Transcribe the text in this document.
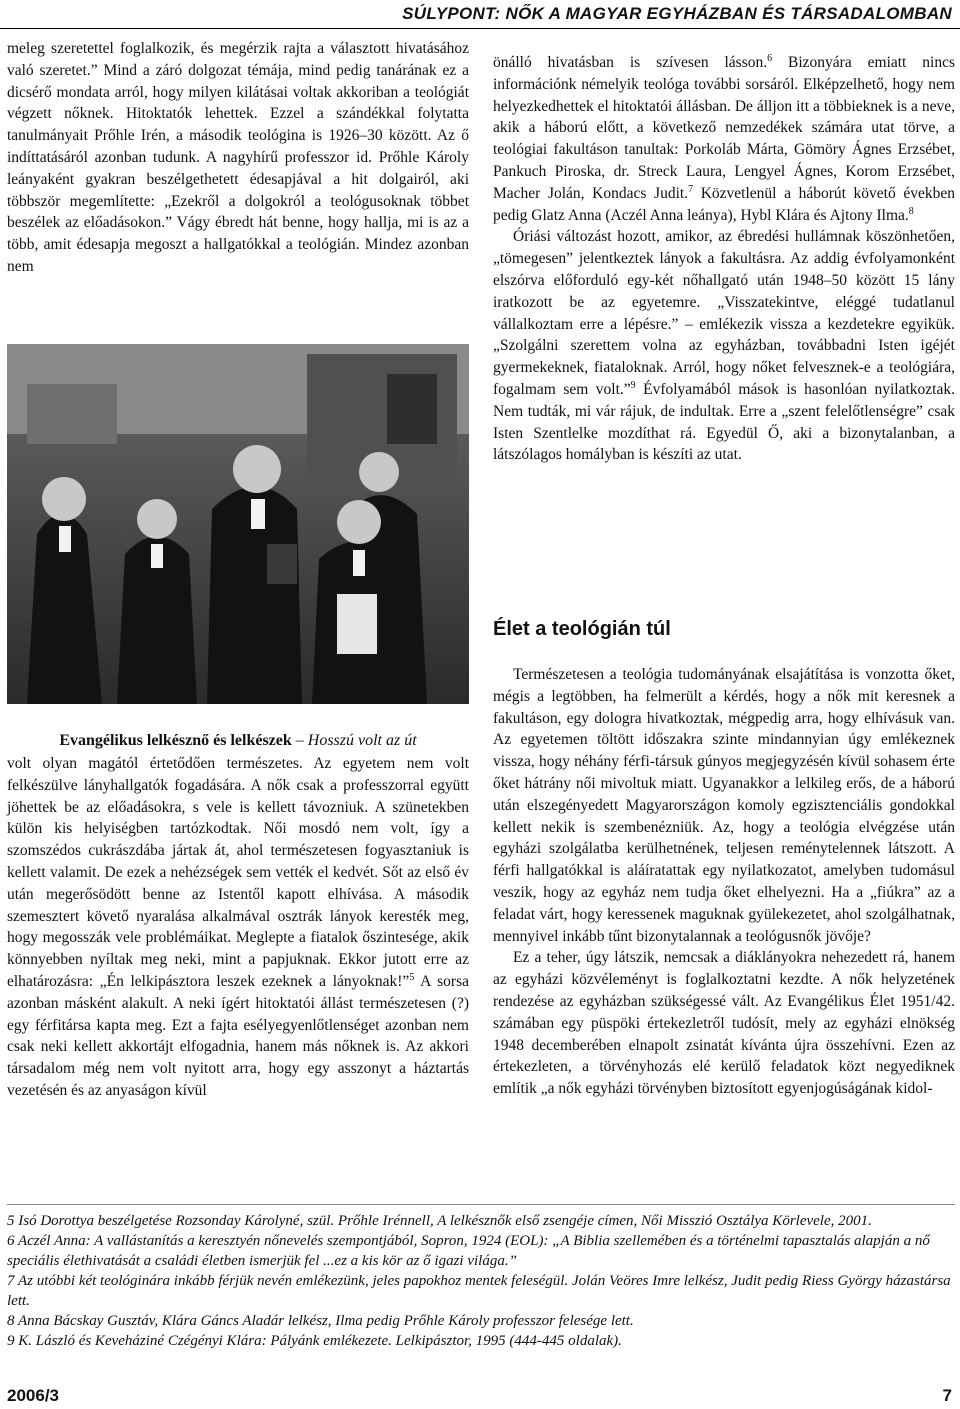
SÚLYPONT: NŐK A MAGYAR EGYHÁZBAN ÉS TÁRSADALOMBAN

meleg szeretettel foglalkozik, és megérzik rajta a választott hivatásához való szeretet.” Mind a záró dolgozat témája, mind pedig tanárának ez a dicsérő mondata arról, hogy milyen kilátásai voltak akkoriban a teológiát végzett nőknek. Hitoktatók lehettek. Ezzel a szándékkal folytatta tanulmányait Prőhle Irén, a második teológina is 1926–30 között. Az ő indíttatásáról azonban tudunk. A nagyhírű professzor id. Prőhle Károly leányaként gyakran beszélgethetett édesapjával a hit dolgairól, aki többször megemlítette: „Ezekről a dolgokról a teológusoknak többet beszélek az előadásokon.” Vágy ébredt hát benne, hogy hallja, mi is az a több, amit édesapja megoszt a hallgatókkal a teológián. Mindez azonban nem

Evangélikus lelkésznő és lelkészek – Hosszú volt az út

volt olyan magától értetődően természetes. Az egyetem nem volt felkészülve lányhallgatók fogadására. A nők csak a professzorral együtt jöhettek be az előadásokra, s vele is kellett távozniuk. A szünetekben külön kis helyiségben tartózkodtak. Női mosdó nem volt, így a szomszédos cukrászdába jártak át, ahol természetesen fogyasztaniuk is kellett valamit. De ezek a nehézségek sem vették el kedvét. Sőt az első év után megerősödött benne az Istentől kapott elhívása. A második szemesztert követő nyaralása alkalmával osztrák lányok keresték meg, hogy megosszák vele problémáikat. Meglepte a fiatalok őszintesége, akik könnyebben nyíltak meg neki, mint a papjuknak. Ekkor jutott erre az elhatározásra: „Én lelkipásztora leszek ezeknek a lányoknak!”$^5$ A sorsa azonban másként alakult. A neki ígért hitoktatói állást természetesen (?) egy férfitársa kapta meg. Ezt a fajta esélyegyenlőtlenséget azonban nem csak neki kellett akkortájt elfogadnia, hanem más nőknek is. Az akkori társadalom még nem volt nyitott arra, hogy egy asszonyt a háztartás vezetésén és az anyaságon kívül

önálló hivatásban is szívesen lásson.$^6$ Bizonyára emiatt nincs információnk némelyik teológa további sorsáról. Elképzelhető, hogy nem helyezkedhettek el hitoktatói állásban. De álljon itt a többieknek is a neve, akik a háború előtt, a következő nemzedékek számára utat törve, a teológiai fakultáson tanultak: Porkoláb Márta, Gömöry Ágnes Erzsébet, Pankuch Piroska, dr. Streck Laura, Lengyel Ágnes, Korom Erzsébet, Macher Jolán, Kondacs Judit.$^7$ Közvetlenül a háborút követő években pedig Glatz Anna (Aczél Anna leánya), Hybl Klára és Ajtony Ilma.$^8$

Óriási változást hozott, amikor, az ébredési hullámnak köszönhetően, „tömegesen” jelentkeztek lányok a fakultásra. Az addig évfolyamonként elszórva előforduló egy-két nőhallgató után 1948–50 között 15 lány iratkozott be az egyetemre. „Visszatekintve, eléggé tudatlanul vállalkoztam erre a lépésre.” – emlékezik vissza a kezdetekre egyikük. „Szolgálni szerettem volna az egyházban, továbbadni Isten igéjét gyermekeknek, fiataloknak. Arról, hogy nőket felvesznek-e a teológiára, fogalmam sem volt.”$^9$ Évfolyamából mások is hasonlóan nyilatkoztak. Nem tudták, mi vár rájuk, de indultak. Erre a „szent felelőtlenségre” csak Isten Szentlelke mozdíthat rá. Egyedül Ő, aki a bizonytalanban, a látszólagos homályban is készíti az utat.

Élet a teológián túl

Természetesen a teológia tudományának elsajátítása is vonzotta őket, mégis a legtöbben, ha felmerült a kérdés, hogy a nők mit keresnek a fakultáson, egy dologra hivatkoztak, mégpedig arra, hogy elhívásuk van. Az egyetemen töltött időszakra szinte mindannyian úgy emlékeznek vissza, hogy néhány férfi-társuk gúnyos megjegyzésén kívül sohasem érte őket hátrány női mivoltuk miatt. Ugyanakkor a lelkileg erős, de a háború után elszegényedett Magyarországon komoly egzisztenciális gondokkal kellett nekik is szembenézniük. Az, hogy a teológia elvégzése után egyházi szolgálatba kerülhetnének, teljesen reménytelennek látszott. A férfi hallgatókkal is aláíratattak egy nyilatkozatot, amelyben tudomásul veszik, hogy az egyház nem tudja őket elhelyezni. Ha a „fiúkra” az a feladat várt, hogy keressenek maguknak gyülekezetet, ahol szolgálhatnak, mennyivel inkább tűnt bizonytalannak a teológusnők jövője?

Ez a teher, úgy látszik, nemcsak a diáklányokra nehezedett rá, hanem az egyházi közvéleményt is foglalkoztatni kezdte. A nők helyzetének rendezése az egyházban szükségessé vált. Az Evangélikus Élet 1951/42. számában egy püspöki értekezletről tudósít, mely az egyházi elnökség 1948 decemberében elnapolt zsinatát kívánta újra összehívni. Ezen az értekezleten, a törvényhozás elé kerülő feladatok közt negyediknek említik „a nők egyházi törvényben biztosított egyenjogúságának kidol-

5 Isó Dorottya beszélgetése Rozsonday Károlyné, szül. Prőhle Irénnell, A lelkésznők első zsengéje címen, Női Misszió Osztálya Körlevele, 2001.

6 Aczél Anna: A vallástanítás a keresztyén nőnevelés szempontjából, Sopron, 1924 (EOL): „A Biblia szellemében és a történelmi tapasztalás alapján a nő speciális élethivatását a családi életben ismerjük fel ...ez a kis kör az ő igazi világa.”

7 Az utóbbi két teológinára inkább férjük nevén emlékezünk, jeles papokhoz mentek feleségül. Jolán Veöres Imre lelkész, Judit pedig Riess György házastársa lett.

8 Anna Bácskay Gusztáv, Klára Gáncs Aladár lelkész, Ilma pedig Prőhle Károly professzor felesége lett.

9 K. László és Keveháziné Czégényi Klára: Pályánk emlékezete. Lelkipásztor, 1995 (444-445 oldalak).

2006/3	7
